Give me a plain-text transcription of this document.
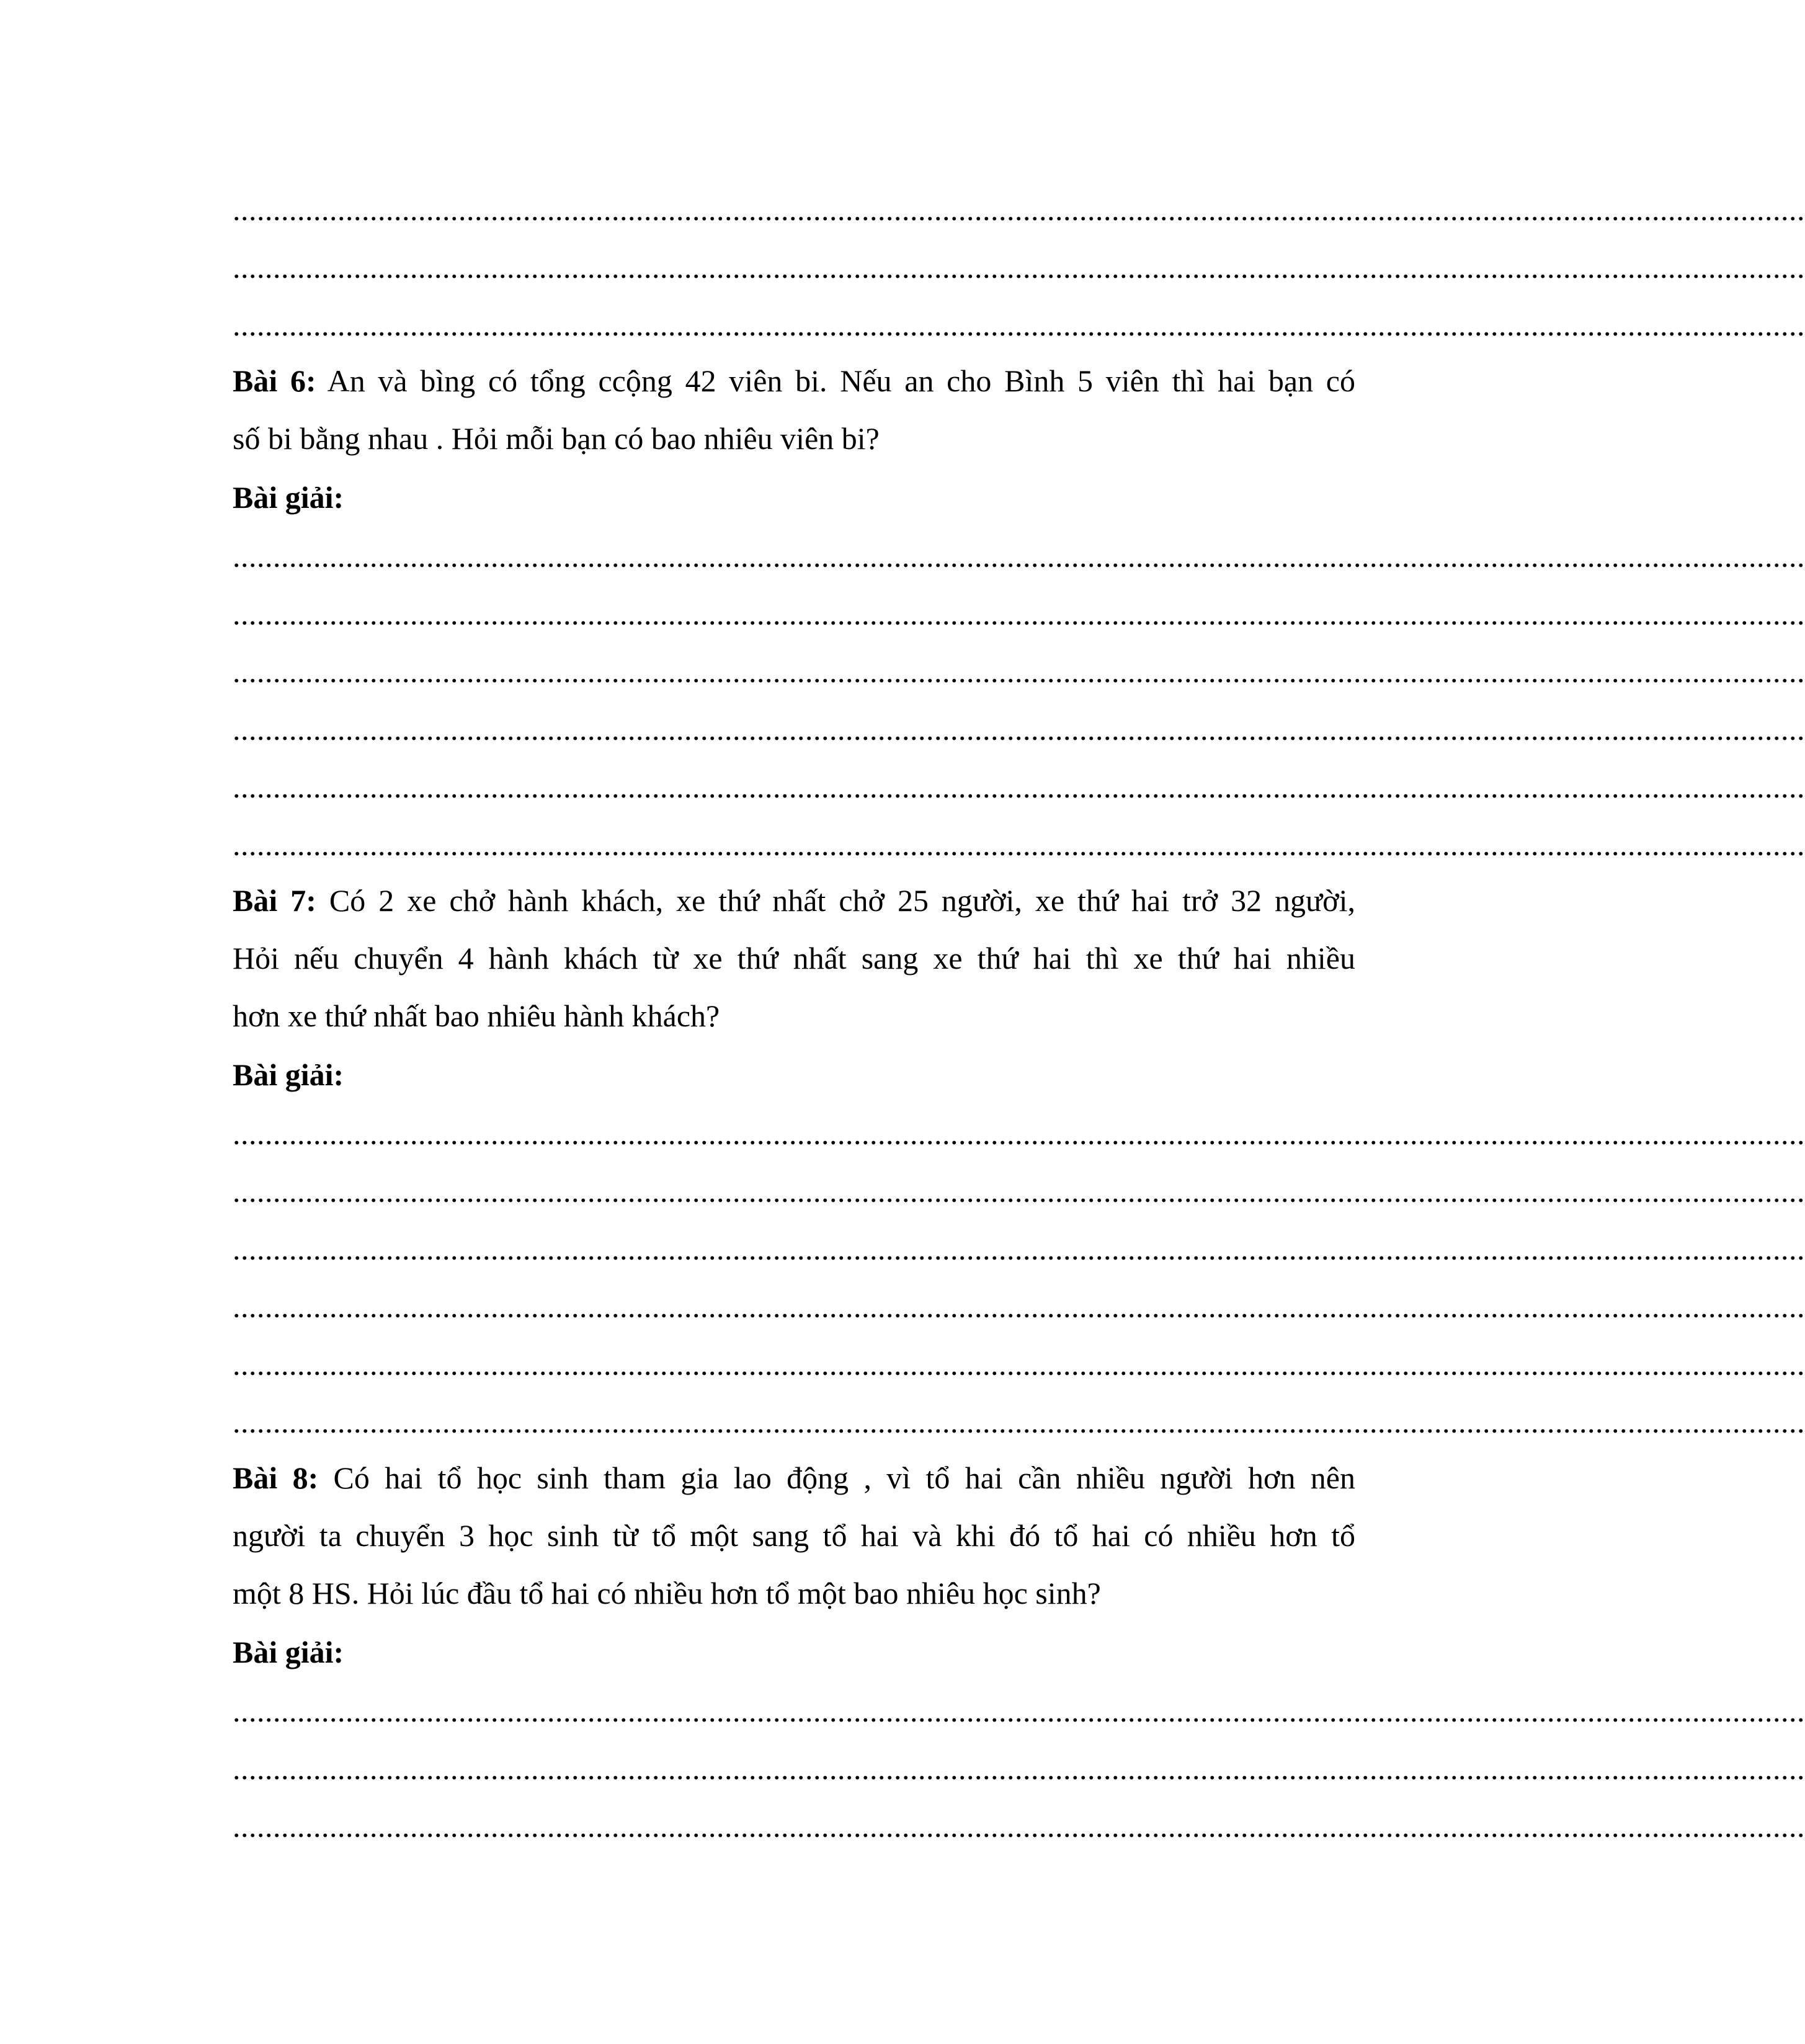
...................................................................................................................................................................................................
...................................................................................................................................................................................................
...................................................................................................................................................................................................
Bài 6: An và bìng có tổng ccộng 42 viên bi. Nếu an cho Bình 5 viên thì hai bạn có
số bi bằng nhau . Hỏi mỗi bạn có bao nhiêu viên bi?
Bài giải:
...................................................................................................................................................................................................
...................................................................................................................................................................................................
...................................................................................................................................................................................................
...................................................................................................................................................................................................
...................................................................................................................................................................................................
...................................................................................................................................................................................................
Bài 7: Có 2 xe chở hành khách, xe thứ nhất chở 25 người, xe thứ hai trở 32 người,
Hỏi nếu chuyển 4 hành khách từ xe thứ nhất sang xe thứ hai thì xe thứ hai nhiều
hơn xe thứ nhất bao nhiêu hành khách?
Bài giải:
...................................................................................................................................................................................................
...................................................................................................................................................................................................
...................................................................................................................................................................................................
...................................................................................................................................................................................................
...................................................................................................................................................................................................
...................................................................................................................................................................................................
Bài 8: Có hai tổ học sinh tham gia lao động , vì tổ hai cần nhiều người hơn nên
người ta chuyển 3 học sinh từ tổ một sang tổ hai và khi đó tổ hai có nhiều hơn tổ
một 8 HS. Hỏi lúc đầu tổ hai có nhiều hơn tổ một bao nhiêu học sinh?
Bài giải:
...................................................................................................................................................................................................
...................................................................................................................................................................................................
...................................................................................................................................................................................................
